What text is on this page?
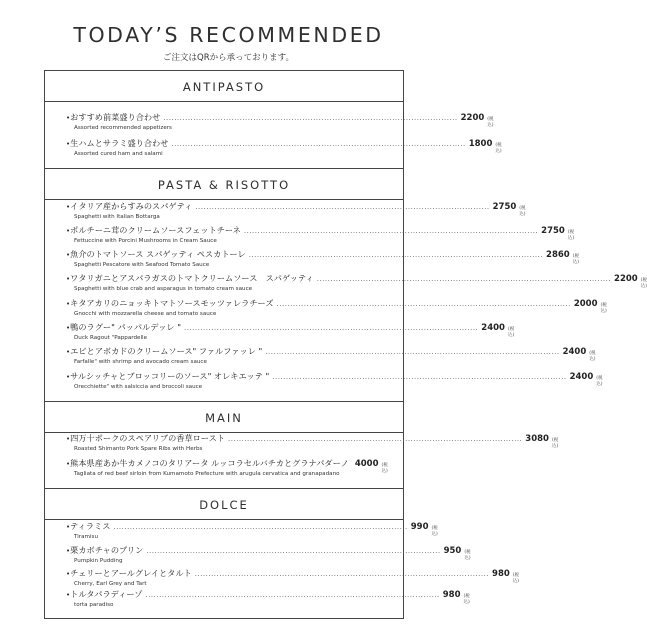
TODAY’S RECOMMENDED
ご注文はQRから承っております。
ANTIPASTO
• おすすめ前菜盛り合わせ ............................................................................................................ 2200 (税込)
Assorted recommended appetizers
• 生ハムとサラミ盛り合わせ ............................................................................................................ 1800 (税込)
Assorted cured ham and salami
PASTA & RISOTTO
• イタリア産からすみのスパゲティ ............................................................................................................ 2750 (税込)
Spaghetti with Italian Bottarga
• ポルチーニ茸のクリームソースフェットチーネ ............................................................................................................ 2750 (税込)
Fettuccine with Porcini Mushrooms in Cream Sauce
• 魚介のトマトソース スパゲッティ ペスカトーレ ............................................................................................................ 2860 (税込)
Spaghetti Pescatore with Seafood Tomato Sauce
• ワタリガニとアスパラガスのトマトクリームソース　スパゲッティ ............................................................................................................ 2200 (税込)
Spaghetti with blue crab and asparagus in tomato cream sauce
• キタアカリのニョッキトマトソースモッツァレラチーズ ............................................................................................................ 2000 (税込)
Gnocchi with mozzarella cheese and tomato sauce
• 鴨のラグー" パッパルデッレ " ............................................................................................................ 2400 (税込)
Duck Ragout "Pappardelle
• エビとアボカドのクリームソース" ファルファッレ " ............................................................................................................ 2400 (税込)
Farfalle" with shrimp and avocado cream sauce
• サルシッチャとブロッコリーのソース" オレキエッテ " ............................................................................................................ 2400 (税込)
Orecchiette" with salsiccia and broccoli sauce
MAIN
• 四万十ポークのスペアリブの香草ロースト ............................................................................................................ 3080 (税込)
Roasted Shimanto Pork Spare Ribs with Herbs
• 熊本県産あか牛カメノコのタリアータ ルッコラセルバチカとグラナパダーノ 4000 (税込)
Tagliata of red beef sirloin from Kumamoto Prefecture with arugula cervatica and granapadano
DOLCE
• ティラミス ............................................................................................................ 990 (税込)
Tiramisu
• 栗カボチャのプリン ............................................................................................................ 950 (税込)
Pumpkin Pudding
• チェリーとアールグレイとタルト ............................................................................................................ 980 (税込)
Cherry, Earl Grey and Tart
• トルタパラディーゾ ............................................................................................................ 980 (税込)
torta paradiso
